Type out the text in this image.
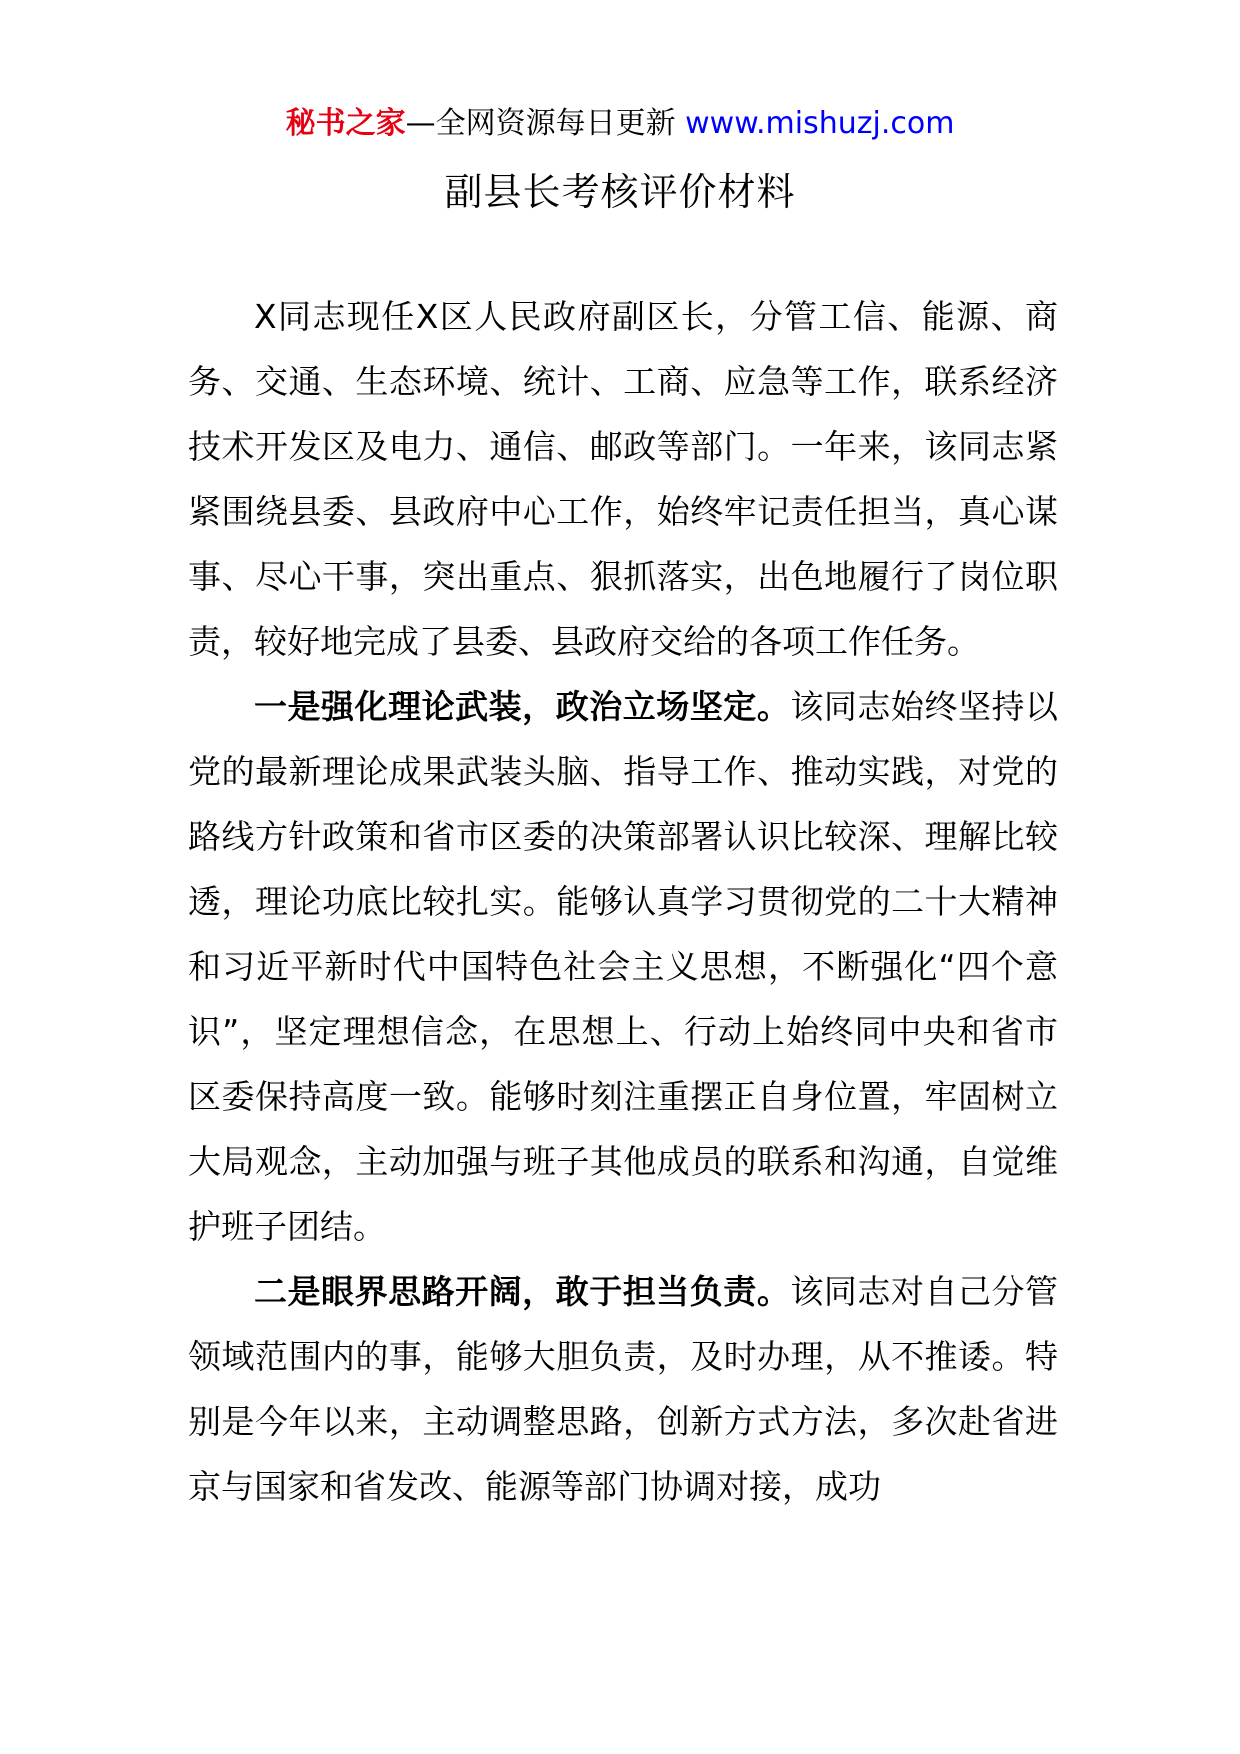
秘书之家—全网资源每日更新 www.mishuzj.com
副县长考核评价材料

X同志现任X区人民政府副区长，分管工信、能源、商务、交通、生态环境、统计、工商、应急等工作，联系经济技术开发区及电力、通信、邮政等部门。一年来，该同志紧紧围绕县委、县政府中心工作，始终牢记责任担当，真心谋事、尽心干事，突出重点、狠抓落实，出色地履行了岗位职责，较好地完成了县委、县政府交给的各项工作任务。

一是强化理论武装，政治立场坚定。该同志始终坚持以党的最新理论成果武装头脑、指导工作、推动实践，对党的路线方针政策和省市区委的决策部署认识比较深、理解比较透，理论功底比较扎实。能够认真学习贯彻党的二十大精神和习近平新时代中国特色社会主义思想，不断强化“四个意识”，坚定理想信念，在思想上、行动上始终同中央和省市区委保持高度一致。能够时刻注重摆正自身位置，牢固树立大局观念，主动加强与班子其他成员的联系和沟通，自觉维护班子团结。

二是眼界思路开阔，敢于担当负责。该同志对自己分管领域范围内的事，能够大胆负责，及时办理，从不推诿。特别是今年以来，主动调整思路，创新方式方法，多次赴省进京与国家和省发改、能源等部门协调对接，成功
